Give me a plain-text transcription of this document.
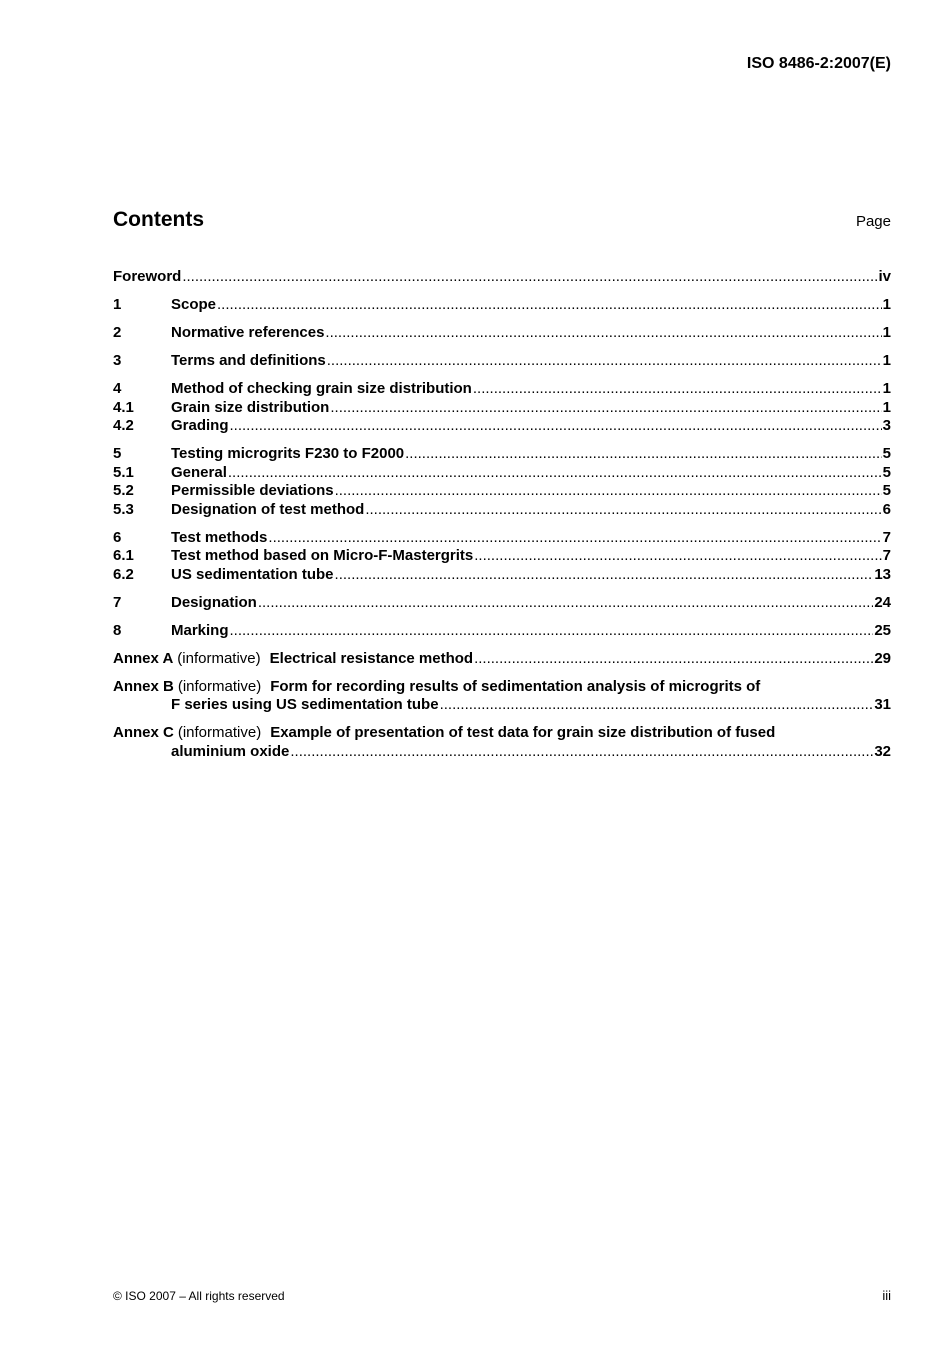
ISO 8486-2:2007(E)
Contents	Page
Foreword .....	iv
1	Scope .....	1
2	Normative references .....	1
3	Terms and definitions .....	1
4	Method of checking grain size distribution .....	1
4.1	Grain size distribution .....	1
4.2	Grading .....	3
5	Testing microgrits F230 to F2000 .....	5
5.1	General .....	5
5.2	Permissible deviations .....	5
5.3	Designation of test method .....	6
6	Test methods .....	7
6.1	Test method based on Micro-F-Mastergrits .....	7
6.2	US sedimentation tube .....	13
7	Designation .....	24
8	Marking .....	25
Annex A (informative) Electrical resistance method .....	29
Annex B (informative) Form for recording results of sedimentation analysis of microgrits of
F series using US sedimentation tube .....	31
Annex C (informative) Example of presentation of test data for grain size distribution of fused
aluminium oxide .....	32
© ISO 2007 – All rights reserved	iii
